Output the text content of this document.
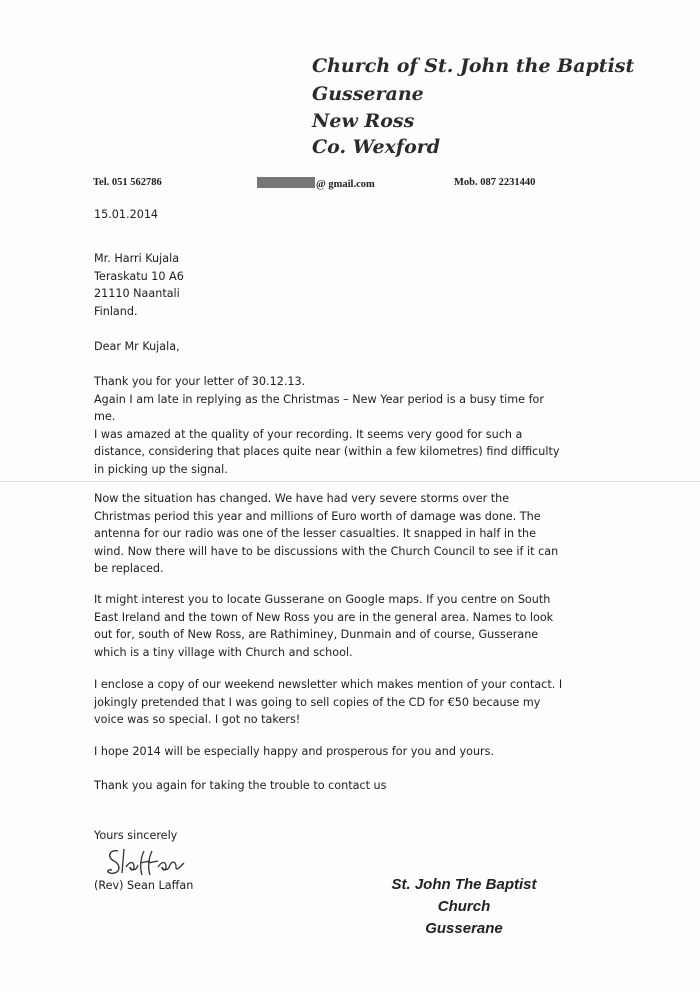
Church of St. John the Baptist
Gusserane
New Ross
Co. Wexford
Tel. 051 562786	@ gmail.com	Mob. 087 2231440
15.01.2014
Mr. Harri Kujala
Teraskatu 10 A6
21110 Naantali
Finland.
Dear Mr Kujala,
Thank you for your letter of 30.12.13.
Again I am late in replying as the Christmas – New Year period is a busy time for
me.
I was amazed at the quality of your recording. It seems very good for such a
distance, considering that places quite near (within a few kilometres) find difficulty
in picking up the signal.
Now the situation has changed. We have had very severe storms over the
Christmas period this year and millions of Euro worth of damage was done. The
antenna for our radio was one of the lesser casualties. It snapped in half in the
wind. Now there will have to be discussions with the Church Council to see if it can
be replaced.
It might interest you to locate Gusserane on Google maps. If you centre on South
East Ireland and the town of New Ross you are in the general area. Names to look
out for, south of New Ross, are Rathiminey, Dunmain and of course, Gusserane
which is a tiny village with Church and school.
I enclose a copy of our weekend newsletter which makes mention of your contact. I
jokingly pretended that I was going to sell copies of the CD for €50 because my
voice was so special. I got no takers!
I hope 2014 will be especially happy and prosperous for you and yours.
Thank you again for taking the trouble to contact us
Yours sincerely
(Rev) Sean Laffan	St. John The Baptist
Church
Gusserane
